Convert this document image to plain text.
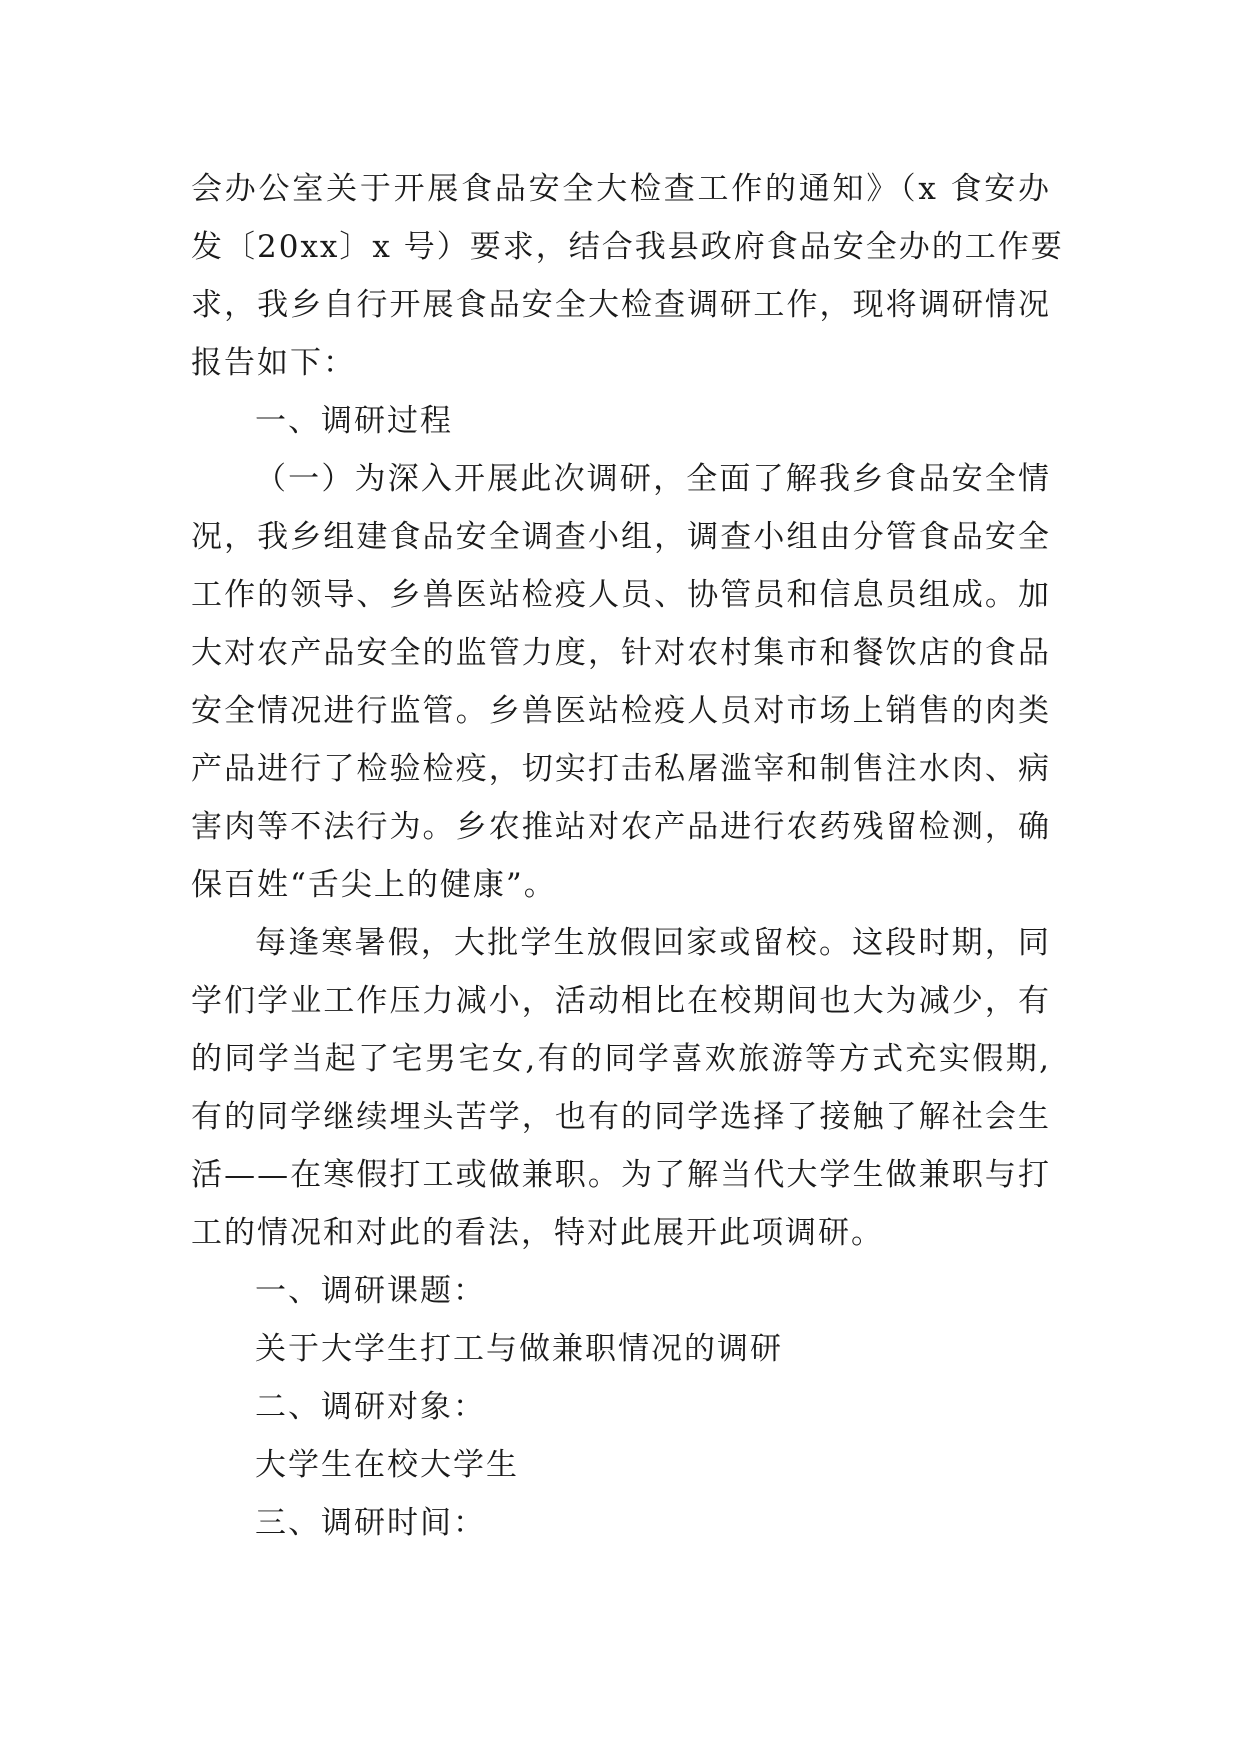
会办公室关于开展食品安全大检查工作的通知》（x 食安办
发〔20xx〕x 号）要求，结合我县政府食品安全办的工作要
求，我乡自行开展食品安全大检查调研工作，现将调研情况
报告如下：
一、调研过程
（一）为深入开展此次调研，全面了解我乡食品安全情
况，我乡组建食品安全调查小组，调查小组由分管食品安全
工作的领导、乡兽医站检疫人员、协管员和信息员组成。加
大对农产品安全的监管力度，针对农村集市和餐饮店的食品
安全情况进行监管。乡兽医站检疫人员对市场上销售的肉类
产品进行了检验检疫，切实打击私屠滥宰和制售注水肉、病
害肉等不法行为。乡农推站对农产品进行农药残留检测，确
保百姓“舌尖上的健康”。
每逢寒暑假，大批学生放假回家或留校。这段时期，同
学们学业工作压力减小，活动相比在校期间也大为减少，有
的同学当起了宅男宅女,有的同学喜欢旅游等方式充实假期,
有的同学继续埋头苦学，也有的同学选择了接触了解社会生
活——在寒假打工或做兼职。为了解当代大学生做兼职与打
工的情况和对此的看法，特对此展开此项调研。
一、调研课题：
关于大学生打工与做兼职情况的调研
二、调研对象：
大学生在校大学生
三、调研时间：
